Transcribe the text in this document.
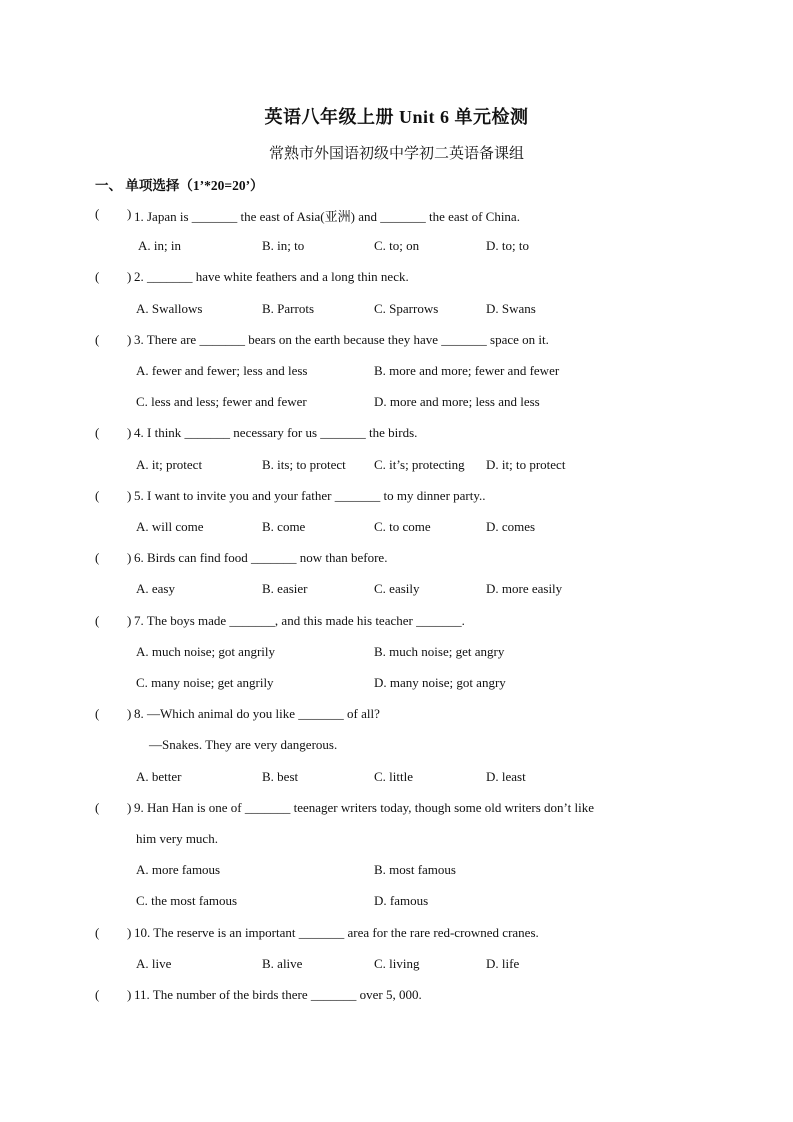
英语八年级上册 Unit 6 单元检测
常熟市外国语初级中学初二英语备课组
一、 单项选择（1’*20=20’）
( ) 1. Japan is _______ the east of Asia(亚洲) and _______ the east of China.
A. in; in	B. in; to	C. to; on	D. to; to
( ) 2. _______ have white feathers and a long thin neck.
A. Swallows	B. Parrots	C. Sparrows	D. Swans
( ) 3. There are _______ bears on the earth because they have _______ space on it.
A. fewer and fewer; less and less	B. more and more; fewer and fewer
C. less and less; fewer and fewer	D. more and more; less and less
( ) 4. I think _______ necessary for us _______ the birds.
A. it; protect	B. its; to protect C. it’s; protecting D. it; to protect
( ) 5. I want to invite you and your father _______ to my dinner party..
A. will come	B. come	C. to come	D. comes
( ) 6. Birds can find food _______ now than before.
A. easy	B. easier	C. easily	D. more easily
( ) 7. The boys made _______, and this made his teacher _______.
A. much noise; got angrily	B. much noise; get angry
C. many noise; get angrily	D. many noise; got angry
( ) 8. —Which animal do you like _______ of all?
—Snakes. They are very dangerous.
A. better	B. best	C. little	D. least
( ) 9. Han Han is one of _______ teenager writers today, though some old writers don’t like
him very much.
A. more famous	B. most famous
C. the most famous	D. famous
( ) 10. The reserve is an important _______ area for the rare red-crowned cranes.
A. live	B. alive	C. living	D. life
( ) 11. The number of the birds there _______ over 5, 000.
